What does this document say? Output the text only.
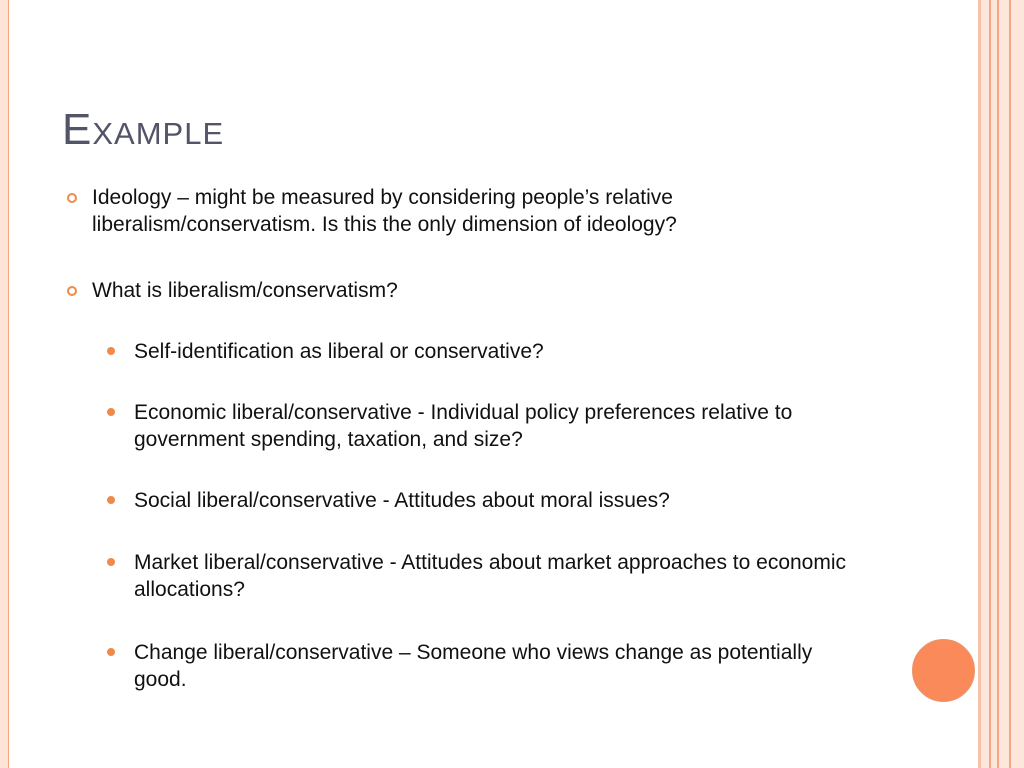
Example
Ideology – might be measured by considering people’s relative liberalism/conservatism. Is this the only dimension of ideology?
What is liberalism/conservatism?
Self-identification as liberal or conservative?
Economic liberal/conservative - Individual policy preferences relative to government spending, taxation, and size?
Social liberal/conservative - Attitudes about moral issues?
Market liberal/conservative - Attitudes about market approaches to economic allocations?
Change liberal/conservative – Someone who views change as potentially good.
